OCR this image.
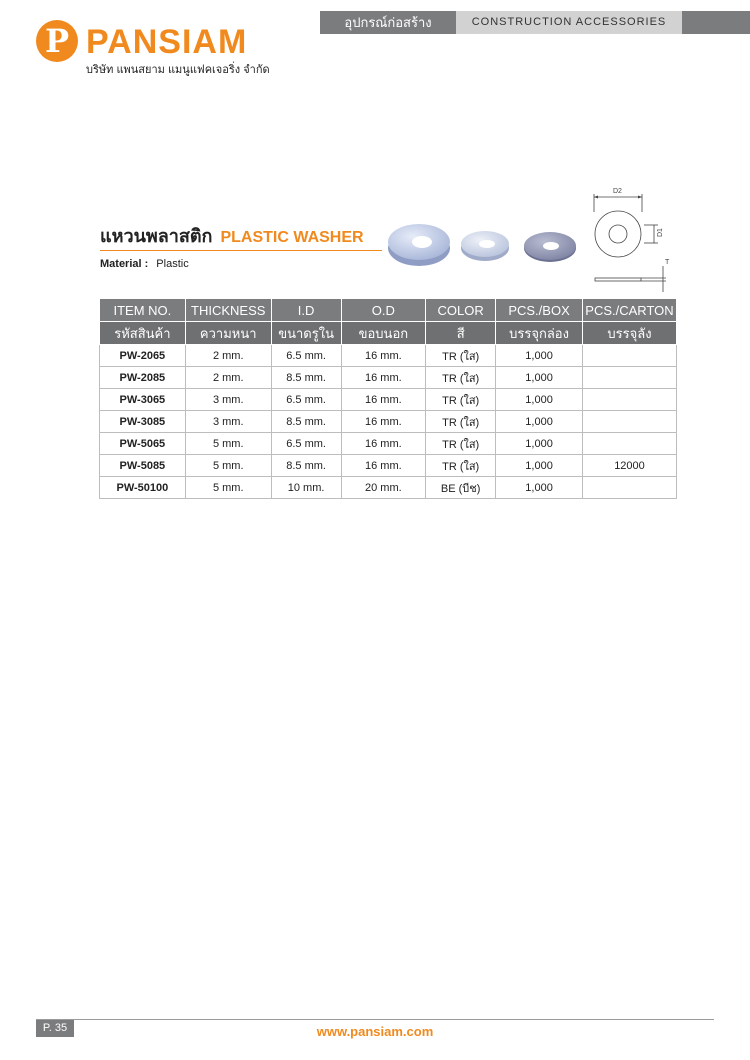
P PANSIAM
บริษัท แพนสยาม แมนูแฟคเจอริ่ง จำกัด
อุปกรณ์ก่อสร้าง	CONSTRUCTION ACCESSORIES
แหวนพลาสติก PLASTIC WASHER
Material : Plastic
D2
D1
T
ITEM NO.	THICKNESS	I.D	O.D	COLOR	PCS./BOX	PCS./CARTON
รหัสสินค้า	ความหนา	ขนาดรูใน	ขอบนอก	สี	บรรจุกล่อง	บรรจุลัง
PW-2065	2 mm.	6.5 mm.	16 mm.	TR (ใส)	1,000	
PW-2085	2 mm.	8.5 mm.	16 mm.	TR (ใส)	1,000	
PW-3065	3 mm.	6.5 mm.	16 mm.	TR (ใส)	1,000	
PW-3085	3 mm.	8.5 mm.	16 mm.	TR (ใส)	1,000	
PW-5065	5 mm.	6.5 mm.	16 mm.	TR (ใส)	1,000	
PW-5085	5 mm.	8.5 mm.	16 mm.	TR (ใส)	1,000	12000
PW-50100	5 mm.	10 mm.	20 mm.	BE (บีช)	1,000	
P. 35	www.pansiam.com
